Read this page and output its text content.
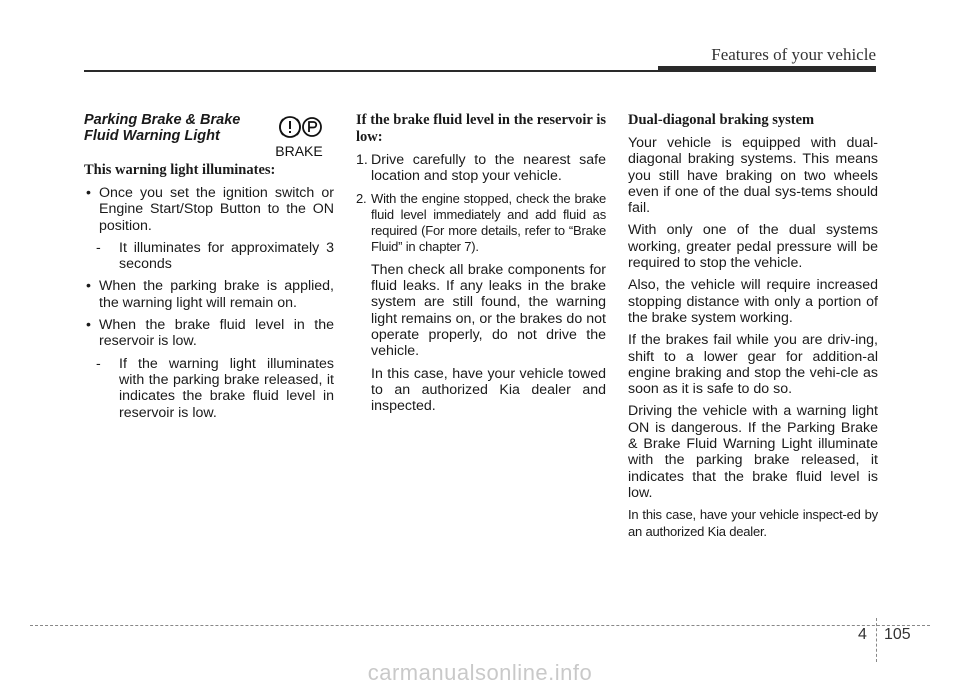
Features of your vehicle

Parking Brake & Brake
Fluid Warning Light

This warning light illuminates:

• Once you set the ignition switch or Engine Start/Stop Button to the ON position.
- It illuminates for approximately 3 seconds
• When the parking brake is applied, the warning light will remain on.
• When the brake fluid level in the reservoir is low.
- If the warning light illuminates with the parking brake released, it indicates the brake fluid level in reservoir is low.
BRAKE

If the brake fluid level in the reservoir is low:

1. Drive carefully to the nearest safe location and stop your vehicle.
2. With the engine stopped, check the brake fluid level immediately and add fluid as required (For more details, refer to “Brake Fluid” in chapter 7).

Then check all brake components for fluid leaks. If any leaks in the brake system are still found, the warning light remains on, or the brakes do not operate properly, do not drive the vehicle.

In this case, have your vehicle towed to an authorized Kia dealer and inspected.

Dual-diagonal braking system

Your vehicle is equipped with dual-diagonal braking systems. This means you still have braking on two wheels even if one of the dual sys-tems should fail.

With only one of the dual systems working, greater pedal pressure will be required to stop the vehicle.

Also, the vehicle will require increased stopping distance with only a portion of the brake system working.

If the brakes fail while you are driv-ing, shift to a lower gear for addition-al engine braking and stop the vehi-cle as soon as it is safe to do so.

Driving the vehicle with a warning light ON is dangerous. If the Parking Brake & Brake Fluid Warning Light illuminate with the parking brake released, it indicates that the brake fluid level is low.

In this case, have your vehicle inspect-ed by an authorized Kia dealer.

4 105
carmanualsonline.info
